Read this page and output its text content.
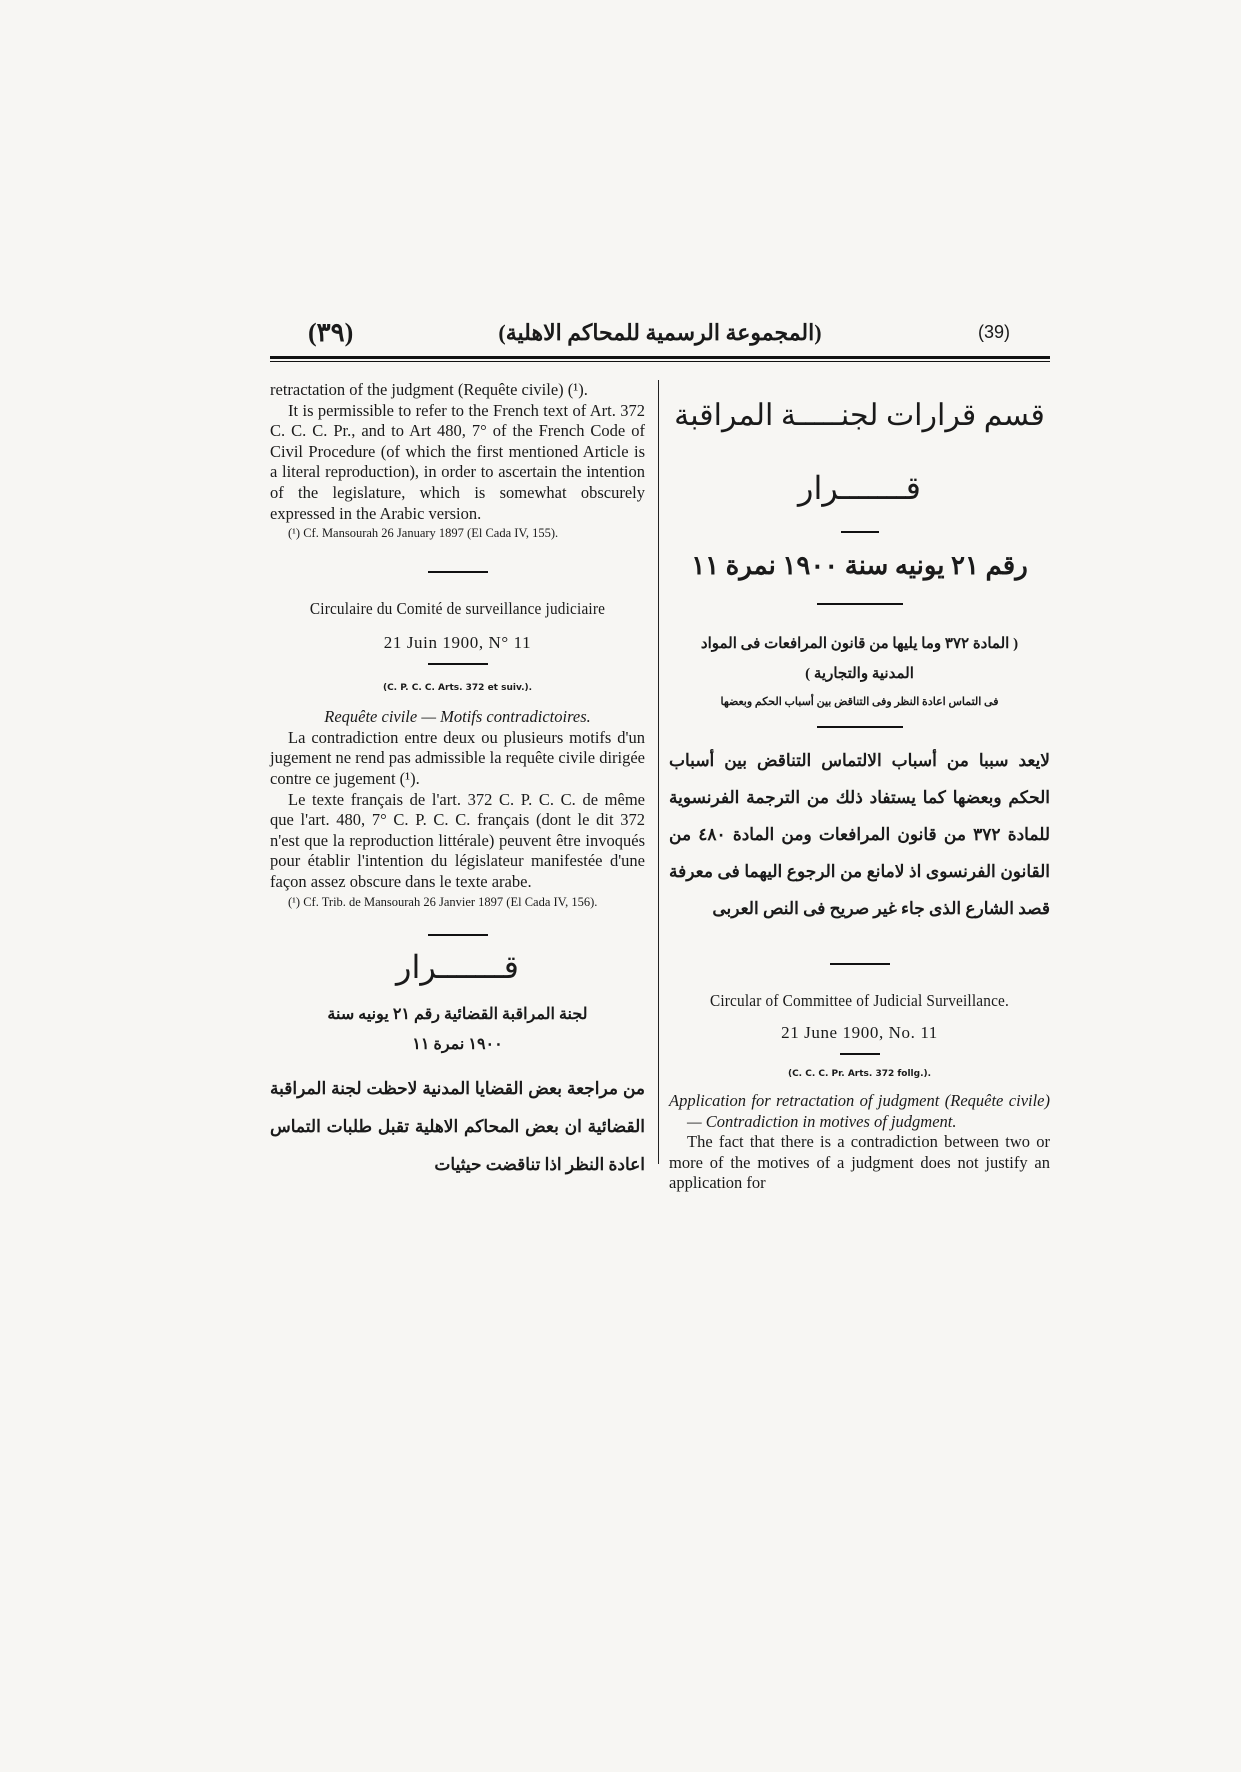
(٣٩)	(المجموعة الرسمية للمحاكم الاهلية)	(39)

retractation of the judgment (Requête civile) (¹).

It is permissible to refer to the French text of Art. 372 C. C. C. Pr., and to Art 480, 7° of the French Code of Civil Procedure (of which the first mentioned Article is a literal reproduction), in order to ascertain the intention of the legislature, which is somewhat obscurely expressed in the Arabic version.

(¹) Cf. Mansourah 26 January 1897 (El Cada IV, 155).

Circulaire du Comité de surveillance judiciaire
21 Juin 1900, N° 11
(C. P. C. C. Arts. 372 et suiv.).

Requête civile — Motifs contradictoires.

La contradiction entre deux ou plusieurs motifs d'un jugement ne rend pas admissible la requête civile dirigée contre ce jugement (¹).

Le texte français de l'art. 372 C. P. C. C. de même que l'art. 480, 7° C. P. C. C. français (dont le dit 372 n'est que la reproduction littérale) peuvent être invoqués pour établir l'intention du législateur manifestée d'une façon assez obscure dans le texte arabe.

(¹) Cf. Trib. de Mansourah 26 Janvier 1897 (El Cada IV, 156).

قـــــــرار
لجنة المراقبة القضائية رقم ٢١ يونيه سنة
١٩٠٠ نمرة ١١
من مراجعة بعض القضايا المدنية لاحظت لجنة المراقبة القضائية ان بعض المحاكم الاهلية تقبل طلبات التماس اعادة النظر اذا تناقضت حيثيات
قسم قرارات لجنـــــة المراقبة
قـــــــرار
رقم ٢١ يونيه سنة ١٩٠٠ نمرة ١١
( المادة ٣٧٢ وما يليها من قانون المرافعات فى المواد
المدنية والتجارية )
فى التماس اعادة النظر وفى التناقض بين أسباب الحكم وبعضها
لايعد سببا من أسباب الالتماس التناقض بين أسباب الحكم وبعضها كما يستفاد ذلك من الترجمة الفرنسوية للمادة ٣٧٢ من قانون المرافعات ومن المادة ٤٨٠ من القانون الفرنسوى اذ لامانع من الرجوع اليهما فى معرفة قصد الشارع الذى جاء غير صريح فى النص العربى
Circular of Committee of Judicial Surveillance.
21 June 1900, No. 11
(C. C. C. Pr. Arts. 372 follg.).

Application for retractation of judgment (Requête civile) — Contradiction in motives of judgment.

The fact that there is a contradiction between two or more of the motives of a judgment does not justify an application for
